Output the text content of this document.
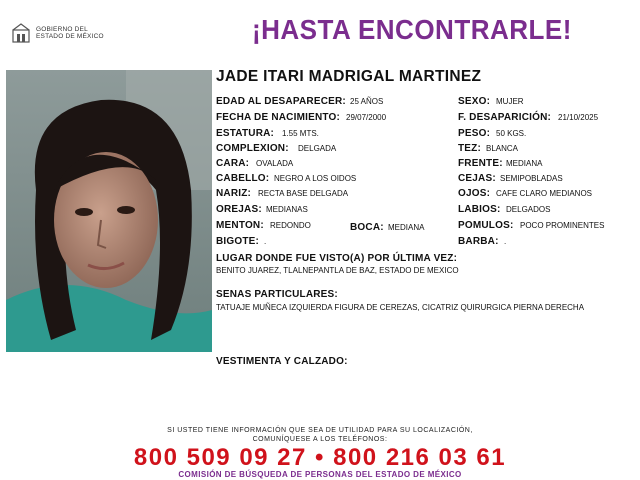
GOBIERNO DEL
ESTADO DE MÉXICO	¡HASTA ENCONTRARLE!
JADE ITARI MADRIGAL MARTINEZ
EDAD AL DESAPARECER: 25 AÑOS
FECHA DE NACIMIENTO: 29/07/2000
ESTATURA: 1.55 MTS.
COMPLEXION: DELGADA
CARA: OVALADA
CABELLO: NEGRO A LOS OIDOS
NARIZ: RECTA BASE DELGADA
OREJAS: MEDIANAS
MENTON: REDONDO	BOCA: MEDIANA
BIGOTE: .
SEXO: MUJER
F. DESAPARICIÓN: 21/10/2025
PESO: 50 KGS.
TEZ: BLANCA
FRENTE: MEDIANA
CEJAS: SEMIPOBLADAS
OJOS: CAFE CLARO MEDIANOS
LABIOS: DELGADOS
POMULOS: POCO PROMINENTES
BARBA: .
LUGAR DONDE FUE VISTO(A) POR ÚLTIMA VEZ:
BENITO JUAREZ, TLALNEPANTLA DE BAZ, ESTADO DE MEXICO
SENAS PARTICULARES:
TATUAJE MUÑECA IZQUIERDA FIGURA DE CEREZAS, CICATRIZ QUIRURGICA PIERNA DERECHA
VESTIMENTA Y CALZADO:
SI USTED TIENE INFORMACIÓN QUE SEA DE UTILIDAD PARA SU LOCALIZACIÓN,
COMUNÍQUESE A LOS TELÉFONOS:
800 509 09 27 • 800 216 03 61
COMISIÓN DE BÚSQUEDA DE PERSONAS DEL ESTADO DE MÉXICO
